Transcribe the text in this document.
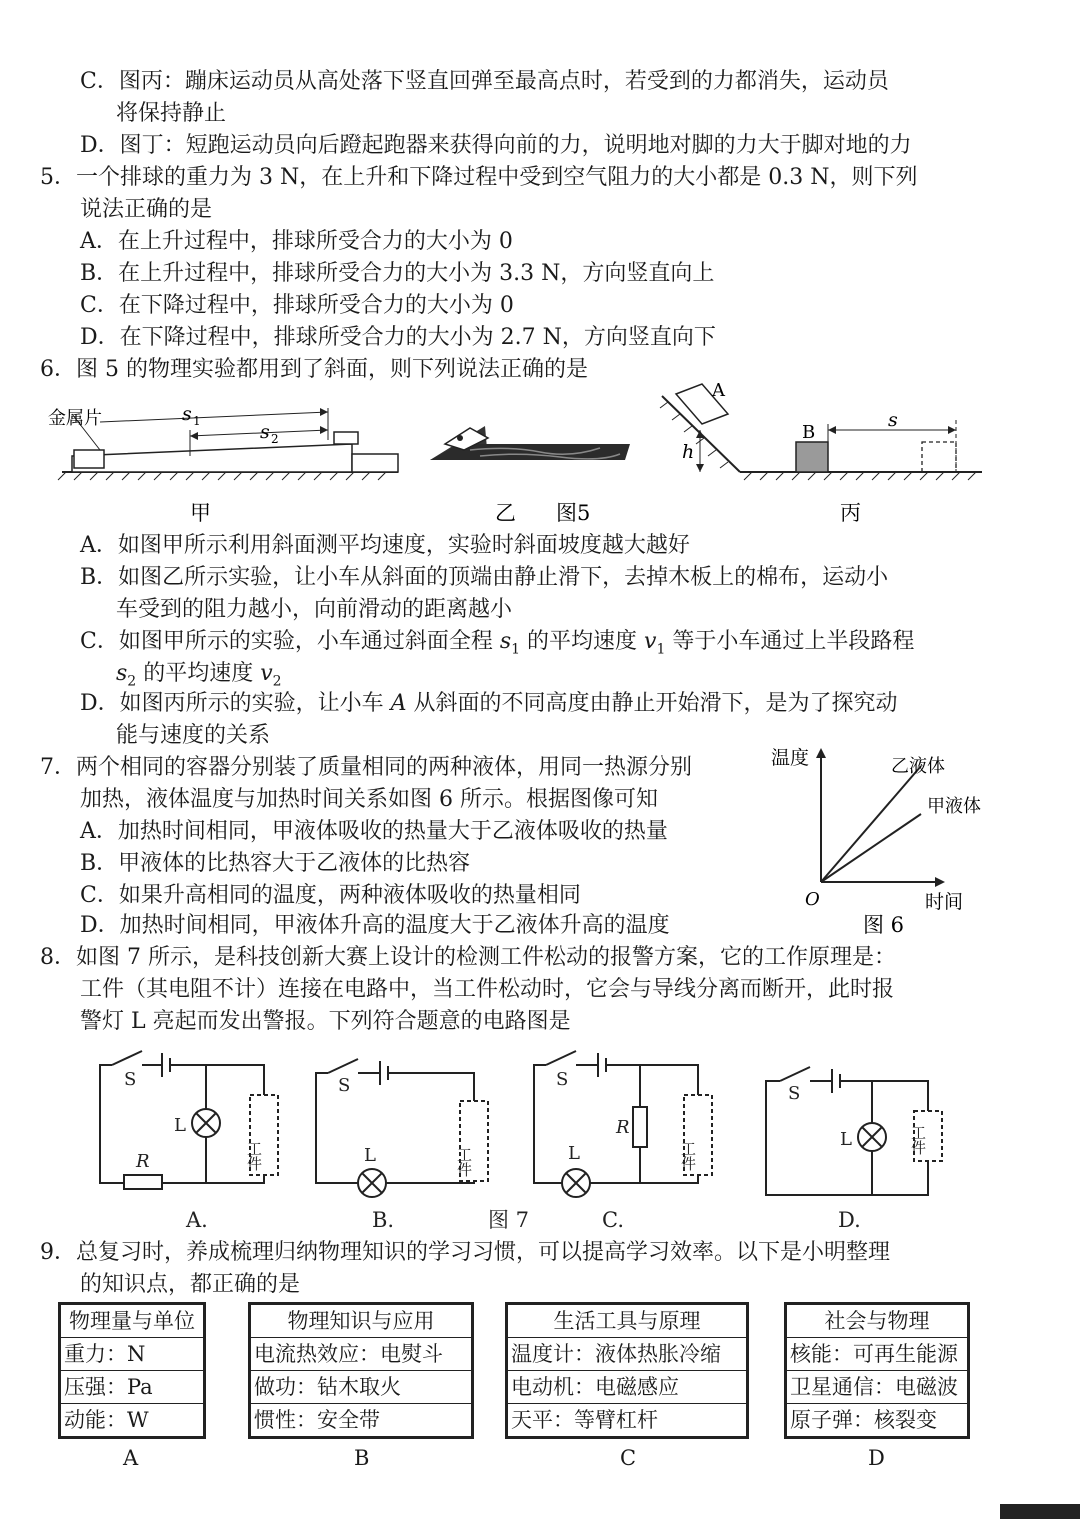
C．图丙：蹦床运动员从高处落下竖直回弹至最高点时，若受到的力都消失，运动员
将保持静止
D．图丁：短跑运动员向后蹬起跑器来获得向前的力，说明地对脚的力大于脚对地的力
5．一个排球的重力为 3 N，在上升和下降过程中受到空气阻力的大小都是 0.3 N，则下列
说法正确的是
A．在上升过程中，排球所受合力的大小为 0
B．在上升过程中，排球所受合力的大小为 3.3 N，方向竖直向上
C．在下降过程中，排球所受合力的大小为 0
D．在下降过程中，排球所受合力的大小为 2.7 N，方向竖直向下
6．图 5 的物理实验都用到了斜面，则下列说法正确的是
金属片	s 1	s 2
A
h
B
s
甲	乙 图5	丙
A．如图甲所示利用斜面测平均速度，实验时斜面坡度越大越好
B．如图乙所示实验，让小车从斜面的顶端由静止滑下，去掉木板上的棉布，运动小
车受到的阻力越小，向前滑动的距离越小
C．如图甲所示的实验，小车通过斜面全程 $s_1$ 的平均速度 $v_1$ 等于小车通过上半段路程
$s_2$ 的平均速度 $v_2$
D．如图丙所示的实验，让小车 A 从斜面的不同高度由静止开始滑下，是为了探究动
能与速度的关系
7．两个相同的容器分别装了质量相同的两种液体，用同一热源分别
加热，液体温度与加热时间关系如图 6 所示。根据图像可知
A．加热时间相同，甲液体吸收的热量大于乙液体吸收的热量
B．甲液体的比热容大于乙液体的比热容
C．如果升高相同的温度，两种液体吸收的热量相同
D．加热时间相同，甲液体升高的温度大于乙液体升高的温度
温度
时间
O
乙液体
甲液体
图 6
8．如图 7 所示，是科技创新大赛上设计的检测工件松动的报警方案，它的工作原理是：
工件（其电阻不计）连接在电路中，当工件松动时，它会与导线分离而断开，此时报
警灯 L 亮起而发出警报。下列符合题意的电路图是
S
L
R	工件
S
L	工件
S
L
R
工件
S
L	工件
A.	B.	图 7	C.	D.
9．总复习时，养成梳理归纳物理知识的学习习惯，可以提高学习效率。以下是小明整理
的知识点，都正确的是
物理量与单位
重力：N
压强：Pa
动能：W
A
物理知识与应用
电流热效应：电熨斗
做功：钻木取火
惯性：安全带
B
生活工具与原理
温度计：液体热胀冷缩
电动机：电磁感应
天平：等臂杠杆
C
社会与物理
核能：可再生能源
卫星通信：电磁波
原子弹：核裂变
D
